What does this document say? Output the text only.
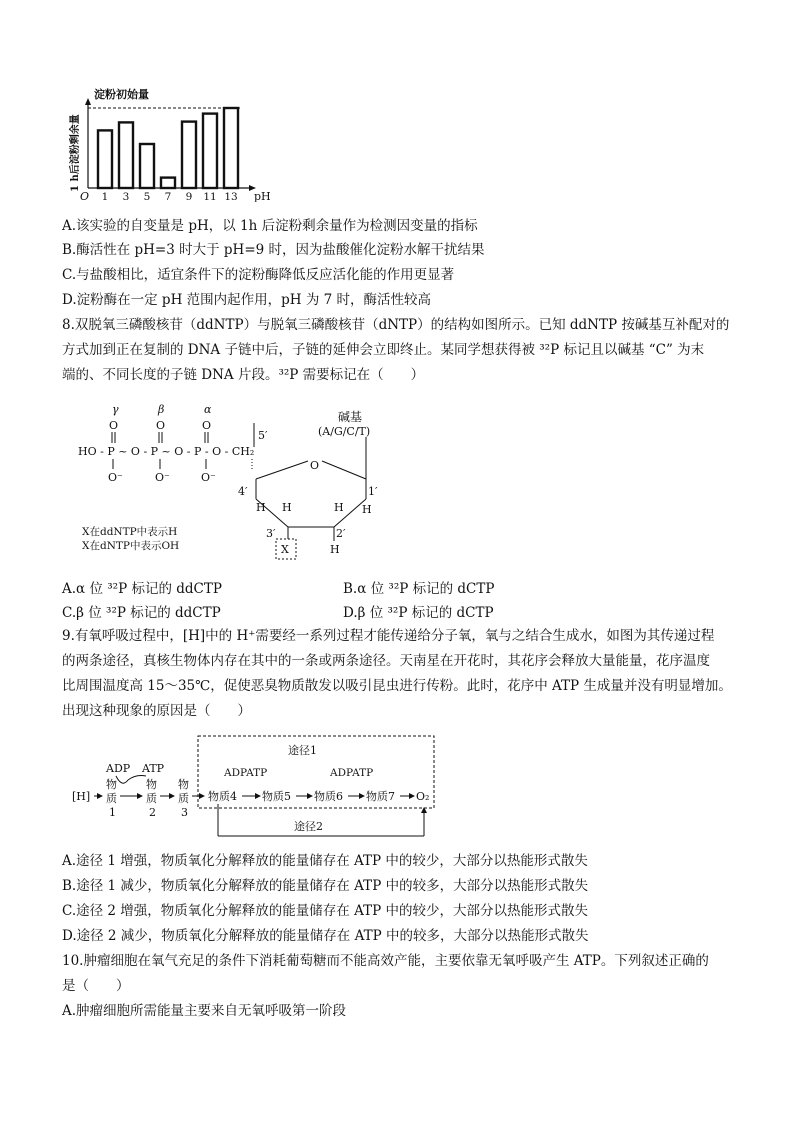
淀粉初始量
1 h后淀粉剩余量
1 3 5 7 9 11 13
O	pH
A.该实验的自变量是 pH，以 1h 后淀粉剩余量作为检测因变量的指标
B.酶活性在 pH=3 时大于 pH=9 时，因为盐酸催化淀粉水解干扰结果
C.与盐酸相比，适宜条件下的淀粉酶降低反应活化能的作用更显著
D.淀粉酶在一定 pH 范围内起作用，pH 为 7 时，酶活性较高
8.双脱氧三磷酸核苷（ddNTP）与脱氧三磷酸核苷（dNTP）的结构如图所示。已知 ddNTP 按碱基互补配对的
方式加到正在复制的 DNA 子链中后，子链的延伸会立即终止。某同学想获得被 ³²P 标记且以碱基 “C” 为末
端的、不同长度的子链 DNA 片段。³²P 需要标记在（　　）
γ	β	α
O	O	O
HO - P ~ O - P ~ O - P - O - CH₂
O⁻	O⁻	O⁻
5′
碱基
(A/G/C/T)
O
4′	1′
H H	H H
3′	2′
H
X
X在ddNTP中表示H
X在dNTP中表示OH
A.α 位 ³²P 标记的 ddCTP	B.α 位 ³²P 标记的 dCTP
C.β 位 ³²P 标记的 ddCTP	D.β 位 ³²P 标记的 dCTP
9.有氧呼吸过程中，[H]中的 H⁺需要经一系列过程才能传递给分子氧，氧与之结合生成水，如图为其传递过程
的两条途径，真核生物体内存在其中的一条或两条途径。天南星在开花时，其花序会释放大量能量，花序温度
比周围温度高 15～35℃，促使恶臭物质散发以吸引昆虫进行传粉。此时，花序中 ATP 生成量并没有明显增加。
出现这种现象的原因是（　　）
途径1
ADP ATP
[H]
物
质
1
物
质
2
物
质
3
ADPATP	ADPATP
物质4 物质5 物质6 物质7 O₂
途径2
A.途径 1 增强，物质氧化分解释放的能量储存在 ATP 中的较少，大部分以热能形式散失
B.途径 1 减少，物质氧化分解释放的能量储存在 ATP 中的较多，大部分以热能形式散失
C.途径 2 增强，物质氧化分解释放的能量储存在 ATP 中的较少，大部分以热能形式散失
D.途径 2 减少，物质氧化分解释放的能量储存在 ATP 中的较多，大部分以热能形式散失
10.肿瘤细胞在氧气充足的条件下消耗葡萄糖而不能高效产能，主要依靠无氧呼吸产生 ATP。下列叙述正确的
是（　　）
A.肿瘤细胞所需能量主要来自无氧呼吸第一阶段
